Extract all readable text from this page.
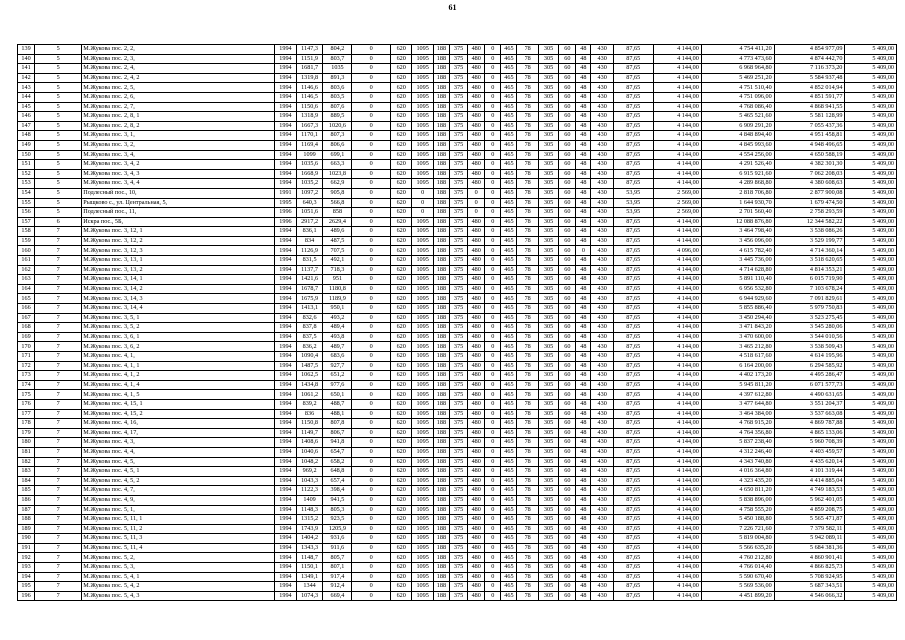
61
139	5	М.Жукова пос. 2, 2,	1994	1147,3	804,2	0	620	1095	188	375	480	0	465	78	305	60	48	430	87,65	4 144,00	4 754 411,20	4 854 977,09	5 409,00
140	5	М.Жукова пос. 2, 3,	1994	1151,9	803,7	0	620	1095	188	375	480	0	465	78	305	60	48	430	87,65	4 144,00	4 773 473,60	4 874 442,70	5 409,00
141	5	М.Жукова пос. 2, 4,	1994	1681,7	1035	0	620	1095	188	375	480	0	465	78	305	60	48	430	87,65	4 144,00	6 968 964,80	7 116 373,20	5 409,00
142	5	М.Жукова пос. 2, 4, 2	1994	1319,8	891,3	0	620	1095	188	375	480	0	465	78	305	60	48	430	87,65	4 144,00	5 469 251,20	5 584 937,48	5 409,00
143	5	М.Жукова пос. 2, 5,	1994	1146,6	803,6	0	620	1095	188	375	480	0	465	78	305	60	48	430	87,65	4 144,00	4 751 510,40	4 852 014,94	5 409,00
144	5	М.Жукова пос. 2, 6,	1994	1146,5	803,5	0	620	1095	188	375	480	0	465	78	305	60	48	430	87,65	4 144,00	4 751 096,00	4 851 591,77	5 409,00
145	5	М.Жукова пос. 2, 7,	1994	1150,6	807,6	0	620	1095	188	375	480	0	465	78	305	60	48	430	87,65	4 144,00	4 768 086,40	4 868 941,55	5 409,00
146	5	М.Жукова пос. 2, 8, 1	1994	1318,9	889,5	0	620	1095	188	375	480	0	465	78	305	60	48	430	87,65	4 144,00	5 465 521,60	5 581 128,99	5 409,00
147	5	М.Жукова пос. 2, 8, 2	1994	1667,3	1020,6	0	620	1095	188	375	480	0	465	78	305	60	48	430	87,65	4 144,00	6 909 291,20	7 055 437,36	5 409,00
148	5	М.Жукова пос. 3, 1,	1994	1170,1	807,3	0	620	1095	188	375	480	0	465	78	305	60	48	430	87,65	4 144,00	4 848 894,40	4 951 458,81	5 409,00
149	5	М.Жукова пос. 3, 2,	1994	1169,4	806,6	0	620	1095	188	375	480	0	465	78	305	60	48	430	87,65	4 144,00	4 845 993,60	4 948 496,65	5 409,00
150	5	М.Жукова пос. 3, 4,	1994	1099	699,1	0	620	1095	188	375	480	0	465	78	305	60	48	430	87,65	4 144,00	4 554 256,00	4 650 588,19	5 409,00
151	5	М.Жукова пос. 3, 4, 2	1994	1035,6	663,3	0	620	1095	188	375	480	0	465	78	305	60	48	430	87,65	4 144,00	4 291 526,40	4 382 301,30	5 409,00
152	5	М.Жукова пос. 3, 4, 3	1994	1668,9	1023,8	0	620	1095	188	375	480	0	465	78	305	60	48	430	87,65	4 144,00	6 915 921,60	7 062 208,03	5 409,00
153	5	М.Жукова пос. 3, 4, 4	1994	1035,2	662,9	0	620	1095	188	375	480	0	465	78	305	60	48	430	87,65	4 144,00	4 289 868,80	4 380 608,63	5 409,00
154	5	Подлесный пос., 10,	1991	1097,2	905,8	0	620	0	188	375	0	0	465	78	305	60	48	430	53,95	2 569,00	2 818 706,80	2 877 900,08	5 409,00
155	5	Рыщково с., ул. Центральная, 5,	1995	640,3	566,8	0	620	0	188	375	0	0	465	78	305	60	48	430	53,95	2 569,00	1 644 930,70	1 679 474,50	5 409,00
156	5	Подлесный пос., 11,	1996	1051,6	858	0	620	0	188	375	0	0	465	78	305	60	48	430	53,95	2 569,00	2 701 560,40	2 758 293,59	5 409,00
157	6	Искра пос., 5Б,	1996	2917,2	2629,4	0	620	1095	188	375	480	0	465	78	305	60	48	430	87,65	4 144,00	12 088 876,80	12 344 582,22	5 409,00
158	7	М.Жукова пос. 3, 12, 1	1994	836,1	489,6	0	620	1095	188	375	480	0	465	78	305	60	48	430	87,65	4 144,00	3 464 798,40	3 538 086,26	5 409,00
159	7	М.Жукова пос. 3, 12, 2	1994	834	487,5	0	620	1095	188	375	480	0	465	78	305	60	48	430	87,65	4 144,00	3 456 096,00	3 529 199,77	5 409,00
160	7	М.Жукова пос. 3, 12, 3	1994	1126,9	707,5	0	620	1095	188	375	480	0	465	78	305	60	0	430	87,65	4 096,00	4 615 782,40	4 714 360,14	5 409,00
161	7	М.Жукова пос. 3, 13, 1	1994	831,5	492,1	0	620	1095	188	375	480	0	465	78	305	60	48	430	87,65	4 144,00	3 445 736,00	3 518 620,65	5 409,00
162	7	М.Жукова пос. 3, 13, 2	1994	1137,7	718,3	0	620	1095	188	375	480	0	465	78	305	60	48	430	87,65	4 144,00	4 714 628,80	4 814 353,21	5 409,00
163	7	М.Жукова пос. 3, 14, 1	1994	1421,6	951	0	620	1095	188	375	480	0	465	78	305	60	48	430	87,65	4 144,00	5 891 110,40	6 015 719,90	5 409,00
164	7	М.Жукова пос. 3, 14, 2	1994	1678,7	1180,8	0	620	1095	188	375	480	0	465	78	305	60	48	430	87,65	4 144,00	6 956 532,80	7 103 678,24	5 409,00
165	7	М.Жукова пос. 3, 14, 3	1994	1675,9	1189,9	0	620	1095	188	375	480	0	465	78	305	60	48	430	87,65	4 144,00	6 944 929,60	7 091 829,61	5 409,00
166	7	М.Жукова пос. 3, 14, 4	1994	1413,1	950,1	0	620	1095	188	375	480	0	465	78	305	60	48	430	87,65	4 144,00	5 855 886,40	5 979 750,83	5 409,00
167	7	М.Жукова пос. 3, 5, 1	1994	832,6	493,2	0	620	1095	188	375	480	0	465	78	305	60	48	430	87,65	4 144,00	3 450 294,40	3 523 275,45	5 409,00
168	7	М.Жукова пос. 3, 5, 2	1994	837,8	489,4	0	620	1095	188	375	480	0	465	78	305	60	48	430	87,65	4 144,00	3 471 843,20	3 545 280,06	5 409,00
169	7	М.Жукова пос. 3, 6, 1	1994	837,5	493,8	0	620	1095	188	375	480	0	465	78	305	60	48	430	87,65	4 144,00	3 470 600,00	3 544 010,56	5 409,00
170	7	М.Жукова пос. 3, 6, 2	1994	836,2	489,7	0	620	1095	188	375	480	0	465	78	305	60	48	430	87,65	4 144,00	3 465 212,80	3 538 509,43	5 409,00
171	7	М.Жукова пос. 4, 1,	1994	1090,4	683,6	0	620	1095	188	375	480	0	465	78	305	60	48	430	87,65	4 144,00	4 518 617,60	4 614 195,96	5 409,00
172	7	М.Жукова пос. 4, 1, 1	1994	1487,5	927,7	0	620	1095	188	375	480	0	465	78	305	60	48	430	87,65	4 144,00	6 164 200,00	6 294 585,92	5 409,00
173	7	М.Жукова пос. 4, 1, 2	1994	1062,5	651,2	0	620	1095	188	375	480	0	465	78	305	60	48	430	87,65	4 144,00	4 402 173,20	4 495 286,47	5 409,00
174	7	М.Жукова пос. 4, 1, 4	1994	1434,8	977,6	0	620	1095	188	375	480	0	465	78	305	60	48	430	87,65	4 144,00	5 945 811,20	6 071 577,73	5 409,00
175	7	М.Жукова пос. 4, 1, 5	1994	1061,2	650,1	0	620	1095	188	375	480	0	465	78	305	60	48	430	87,65	4 144,00	4 397 612,80	4 490 631,65	5 409,00
176	7	М.Жукова пос. 4, 15, 1	1994	839,2	488,7	0	620	1095	188	375	480	0	465	78	305	60	48	430	87,65	4 144,00	3 477 644,80	3 551 204,37	5 409,00
177	7	М.Жукова пос. 4, 15, 2	1994	836	488,1	0	620	1095	188	375	480	0	465	78	305	60	48	430	87,65	4 144,00	3 464 384,00	3 537 663,08	5 409,00
178	7	М.Жукова пос. 4, 16,	1994	1150,8	807,8	0	620	1095	188	375	480	0	465	78	305	60	48	430	87,65	4 144,00	4 768 915,20	4 869 787,88	5 409,00
179	7	М.Жукова пос. 4, 17,	1994	1149,7	806,7	0	620	1095	188	375	480	0	465	78	305	60	48	430	87,65	4 144,00	4 764 356,80	4 865 133,06	5 409,00
180	7	М.Жукова пос. 4, 3,	1994	1408,6	941,8	0	620	1095	188	375	480	0	465	78	305	60	48	430	87,65	4 144,00	5 837 238,40	5 960 708,39	5 409,00
181	7	М.Жукова пос. 4, 4,	1994	1040,6	654,7	0	620	1095	188	375	480	0	465	78	305	60	48	430	87,65	4 144,00	4 312 246,40	4 403 459,57	5 409,00
182	7	М.Жукова пос. 4, 5,	1994	1048,2	658,2	0	620	1095	188	375	480	0	465	78	305	60	48	430	87,65	4 144,00	4 343 740,80	4 435 620,14	5 409,00
183	7	М.Жукова пос. 4, 5, 1	1994	969,2	648,8	0	620	1095	188	375	480	0	465	78	305	60	48	430	87,65	4 144,00	4 016 364,80	4 101 319,44	5 409,00
184	7	М.Жукова пос. 4, 5, 2	1994	1043,3	657,4	0	620	1095	188	375	480	0	465	78	305	60	48	430	87,65	4 144,00	4 323 435,20	4 414 885,04	5 409,00
185	7	М.Жукова пос. 4, 7,	1994	1122,3	398,4	0	620	1095	188	375	480	0	465	78	305	60	48	430	87,65	4 144,00	4 650 811,20	4 749 183,53	5 409,00
186	7	М.Жукова пос. 4, 9,	1994	1409	941,5	0	620	1095	188	375	480	0	465	78	305	60	48	430	87,65	4 144,00	5 838 896,00	5 962 401,05	5 409,00
187	7	М.Жукова пос. 5, 1,	1994	1148,3	805,3	0	620	1095	188	375	480	0	465	78	305	60	48	430	87,65	4 144,00	4 758 555,20	4 859 208,75	5 409,00
188	7	М.Жукова пос. 5, 11, 1	1994	1315,2	923,5	0	620	1095	188	375	480	0	465	78	305	60	48	430	87,65	4 144,00	5 450 188,80	5 565 471,87	5 409,00
189	7	М.Жукова пос. 5, 11, 2	1994	1743,9	1205,9	0	620	1095	188	375	480	0	465	78	305	60	48	430	87,65	4 144,00	7 226 721,60	7 379 582,11	5 409,00
190	7	М.Жукова пос. 5, 11, 3	1994	1404,2	931,6	0	620	1095	188	375	480	0	465	78	305	60	48	430	87,65	4 144,00	5 819 004,80	5 942 089,11	5 409,00
191	7	М.Жукова пос. 5, 11, 4	1994	1343,3	911,6	0	620	1095	188	375	480	0	465	78	305	60	48	430	87,65	4 144,00	5 566 635,20	5 684 381,36	5 409,00
192	7	М.Жукова пос. 5, 2,	1994	1148,7	805,7	0	620	1095	188	375	480	0	465	78	305	60	48	430	87,65	4 144,00	4 760 212,80	4 860 901,41	5 409,00
193	7	М.Жукова пос. 5, 3,	1994	1150,1	807,1	0	620	1095	188	375	480	0	465	78	305	60	48	430	87,65	4 144,00	4 766 014,40	4 866 825,73	5 409,00
194	7	М.Жукова пос. 5, 4, 1	1994	1349,1	917,4	0	620	1095	188	375	480	0	465	78	305	60	48	430	87,65	4 144,00	5 590 670,40	5 708 924,95	5 409,00
195	7	М.Жукова пос. 5, 4, 2	1994	1344	912,4	0	620	1095	188	375	480	0	465	78	305	60	48	430	87,65	4 144,00	5 569 536,00	5 687 343,51	5 409,00
196	7	М.Жукова пос. 5, 4, 3	1994	1074,3	669,4	0	620	1095	188	375	480	0	465	78	305	60	48	430	87,65	4 144,00	4 451 899,20	4 546 066,32	5 409,00
